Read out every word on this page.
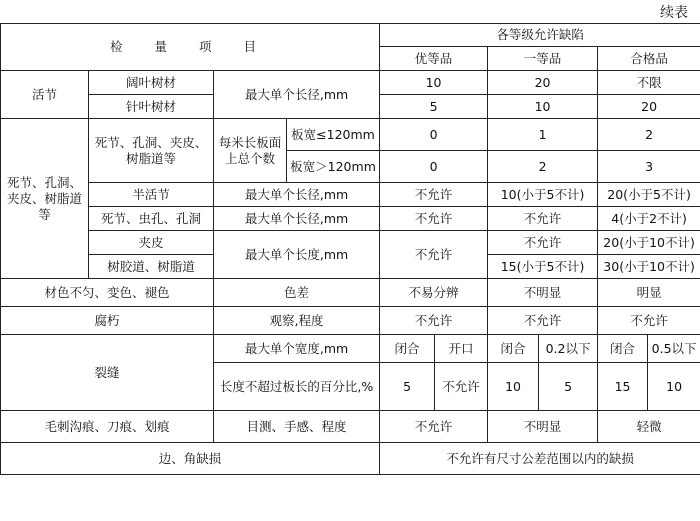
续表
检 量 项 目				各等级允许缺陷					
				优等品		一等品		合格品	
活节	阔叶树材	最大单个长径,mm		10		20		不限	
	针叶树材			5		10		20	
死节、孔洞、夹皮、树脂道等	死节、孔洞、夹皮、树脂道等	每米长板面上总个数	板宽≤120mm	0		1		2	
			板宽＞120mm	0		2		3	
	半活节	最大单个长径,mm		不允许		10(小于5不计)		20(小于5不计)	
	死节、虫孔、孔洞	最大单个长径,mm		不允许		不允许		4(小于2不计)	
	夹皮	最大单个长度,mm		不允许		不允许		20(小于10不计)	
	树胶道、树脂道					15(小于5不计)		30(小于10不计)	
材色不匀、变色、褪色		色差		不易分辨		不明显		明显	
腐朽		观察,程度		不允许		不允许		不允许	
裂缝		最大单个宽度,mm		闭合	开口	闭合	0.2以下	闭合	0.5以下
		长度不超过板长的百分比,%		5	不允许	10	5	15	10
毛刺沟痕、刀痕、划痕		目测、手感、程度		不允许		不明显		轻微	
边、角缺损				不允许有尺寸公差范围以内的缺损					
